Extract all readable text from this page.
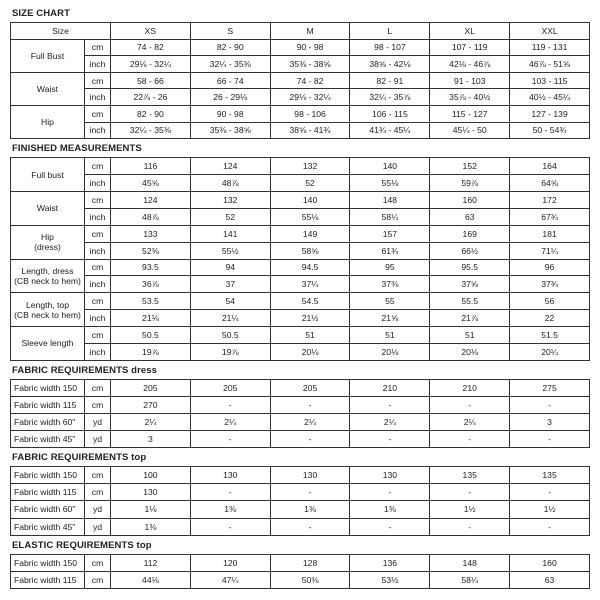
SIZE CHART
Size		XS	S	M	L	XL	XXL
Full Bust	cm	74 - 82	82 - 90	90 - 98	98 - 107	107 - 119	119 - 131
	inch	29⅛ - 32¼	32¼ - 35⅜	35⅜ - 38⅝	38⅝ - 42⅛	42⅛ - 46⅞	46⅞ - 51⅝
Waist	cm	58 - 66	66 - 74	74 - 82	82 - 91	91 - 103	103 - 115
	inch	22⅞ - 26	26 - 29⅛	29⅛ - 32¼	32¼ - 35⅞	35⅞ - 40½	40½ - 45¼
Hip	cm	82 - 90	90 - 98	98 - 106	106 - 115	115 - 127	127 - 139
	inch	32¼ - 35⅜	35⅜ - 38⅝	38⅝ - 41¾	41¾ - 45¼	45¼ - 50	50 - 54¾
FINISHED MEASUREMENTS
Full bust	cm	116	124	132	140	152	164
	inch	45⅝	48⅞	52	55⅛	59⅞	64⅝
Waist	cm	124	132	140	148	160	172
	inch	48⅞	52	55⅛	58¼	63	67¾
Hip
(dress)	cm	133	141	149	157	169	181
	inch	52⅜	55½	58⅝	61¾	66½	71¼
Length, dress
(CB neck to hem)	cm	93.5	94	94.5	95	95.5	96
	inch	36⅞	37	37¼	37⅜	37⅝	37¾
Length, top
(CB neck to hem)	cm	53.5	54	54.5	55	55.5	56
	inch	21⅛	21¼	21½	21⅝	21⅞	22
Sleeve length	cm	50.5	50.5	51	51	51	51.5
	inch	19⅞	19⅞	20⅛	20⅛	20⅛	20¼
FABRIC REQUIREMENTS dress
Fabric width 150	cm	205	205	205	210	210	275
Fabric width 115	cm	270	-	-	-	-	-
Fabric width 60"	yd	2¼	2¼	2¼	2¼	2¼	3
Fabric width 45"	yd	3	-	-	-	-	-
FABRIC REQUIREMENTS top
Fabric width 150	cm	100	130	130	130	135	135
Fabric width 115	cm	130	-	-	-	-	-
Fabric width 60"	yd	1⅛	1⅜	1⅜	1⅜	1½	1½
Fabric width 45"	yd	1⅜	-	-	-	-	-
ELASTIC REQUIREMENTS top
Fabric width 150	cm	112	120	128	136	148	160
Fabric width 115	cm	44⅛	47¼	50⅜	53½	58¼	63
